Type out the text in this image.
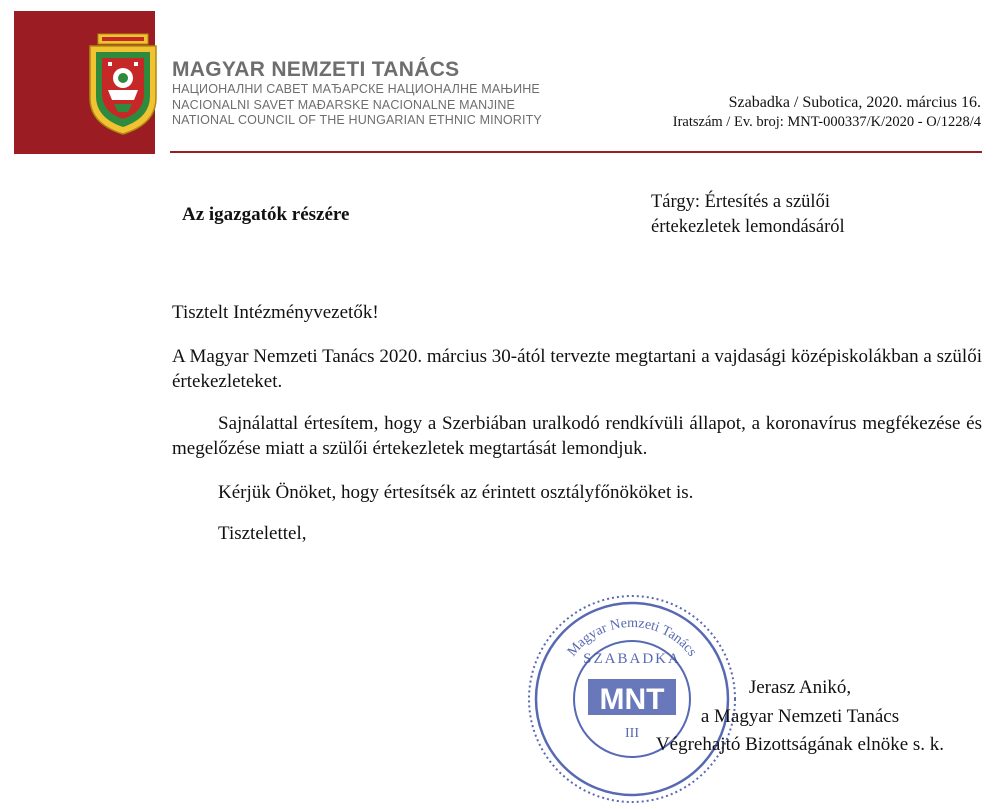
MAGYAR NEMZETI TANÁCS
НАЦИОНАЛНИ САВЕТ МАЂАРСКЕ НАЦИОНАЛНЕ МАЊИНЕ
NACIONALNI SAVET MAĐARSKE NACIONALNE MANJINE
NATIONAL COUNCIL OF THE HUNGARIAN ETHNIC MINORITY
Szabadka / Subotica, 2020. március 16.
Iratszám / Ev. broj: MNT-000337/K/2020 - O/1228/4
Az igazgatók részére
Tárgy: Értesítés a szülői
értekezletek lemondásáról

Tisztelt Intézményvezetők!

A Magyar Nemzeti Tanács 2020. március 30-ától tervezte megtartani a vajdasági középiskolákban a szülői értekezleteket.

Sajnálattal értesítem, hogy a Szerbiában uralkodó rendkívüli állapot, a koronavírus megfékezése és megelőzése miatt a szülői értekezletek megtartását lemondjuk.

Kérjük Önöket, hogy értesítsék az érintett osztályfőnököket is.

Tisztelettel,

Magyar Nemzeti Tanács
SZABADKA
MNT
III
Jerasz Anikó,
a Magyar Nemzeti Tanács
Végrehajtó Bizottságának elnöke s. k.
